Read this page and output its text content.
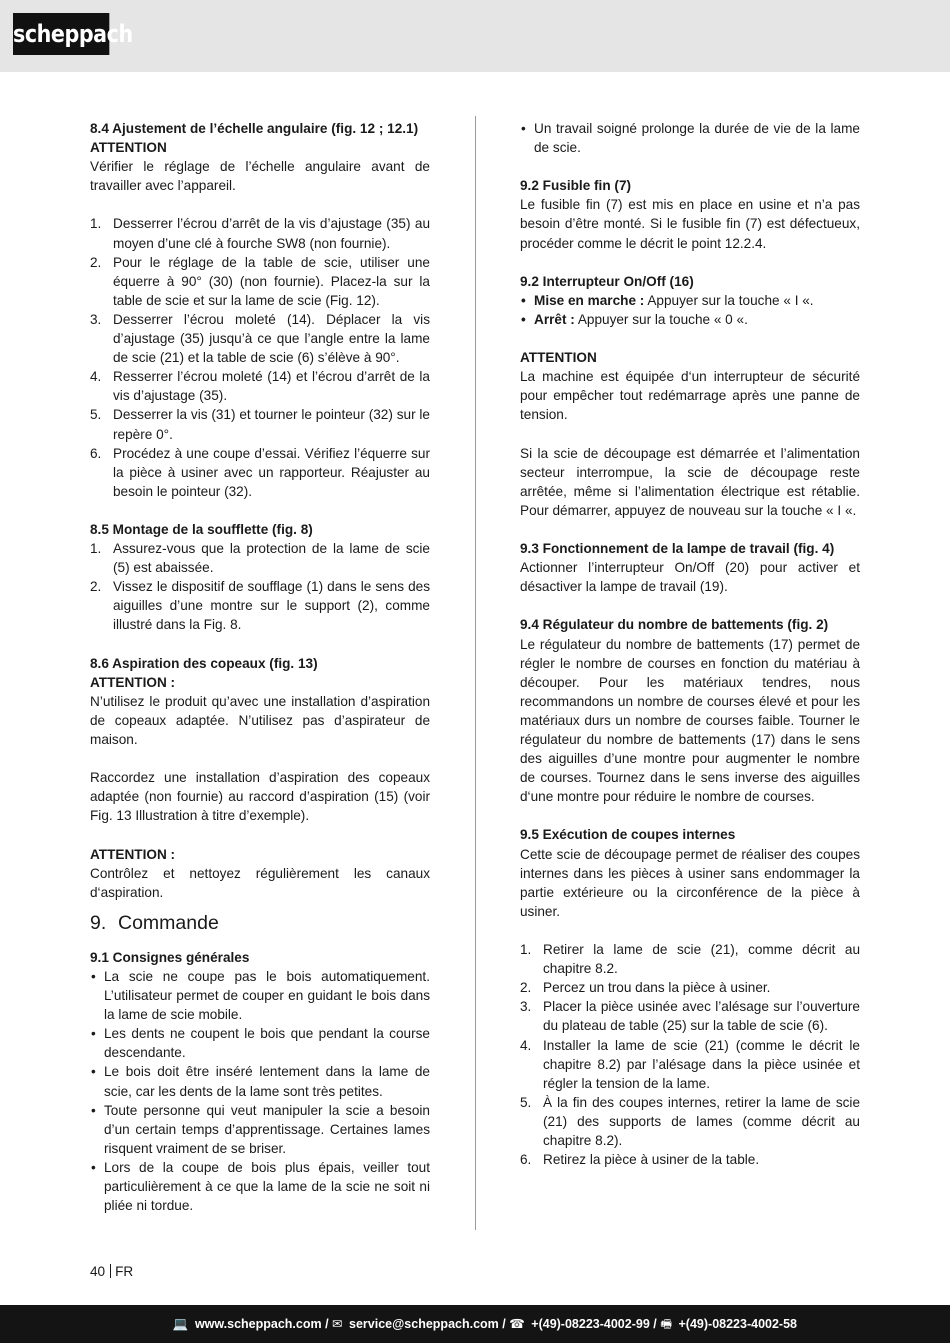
scheppach
8.4 Ajustement de l’échelle angulaire (fig. 12 ; 12.1)
ATTENTION
Vérifier le réglage de l’échelle angulaire avant de travailler avec l’appareil.
1. Desserrer l’écrou d’arrêt de la vis d’ajustage (35) au moyen d’une clé à fourche SW8 (non fournie).
2. Pour le réglage de la table de scie, utiliser une équerre à 90° (30) (non fournie). Placez-la sur la table de scie et sur la lame de scie (Fig. 12).
3. Desserrer l’écrou moleté (14). Déplacer la vis d’ajustage (35) jusqu’à ce que l’angle entre la lame de scie (21) et la table de scie (6) s’élève à 90°.
4. Resserrer l’écrou moleté (14) et l’écrou d’arrêt de la vis d’ajustage (35).
5. Desserrer la vis (31) et tourner le pointeur (32) sur le repère 0°.
6. Procédez à une coupe d’essai. Vérifiez l’équerre sur la pièce à usiner avec un rapporteur. Réajuster au besoin le pointeur (32).
8.5 Montage de la soufflette (fig. 8)
1. Assurez-vous que la protection de la lame de scie (5) est abaissée.
2. Vissez le dispositif de soufflage (1) dans le sens des aiguilles d’une montre sur le support (2), comme illustré dans la Fig. 8.
8.6 Aspiration des copeaux (fig. 13)
ATTENTION :
N’utilisez le produit qu’avec une installation d’aspiration de copeaux adaptée. N’utilisez pas d’aspirateur de maison.
Raccordez une installation d’aspiration des copeaux adaptée (non fournie) au raccord d’aspiration (15) (voir Fig. 13 Illustration à titre d’exemple).
ATTENTION :
Contrôlez et nettoyez régulièrement les canaux d‘aspiration.
9. Commande
9.1 Consignes générales
• La scie ne coupe pas le bois automatiquement. L’utilisateur permet de couper en guidant le bois dans la lame de scie mobile.
• Les dents ne coupent le bois que pendant la course descendante.
• Le bois doit être inséré lentement dans la lame de scie, car les dents de la lame sont très petites.
• Toute personne qui veut manipuler la scie a besoin d’un certain temps d’apprentissage. Certaines lames risquent vraiment de se briser.
• Lors de la coupe de bois plus épais, veiller tout particulièrement à ce que la lame de la scie ne soit ni pliée ni tordue.
• Un travail soigné prolonge la durée de vie de la lame de scie.
9.2 Fusible fin (7)
Le fusible fin (7) est mis en place en usine et n’a pas besoin d’être monté. Si le fusible fin (7) est défectueux, procéder comme le décrit le point 12.2.4.
9.2 Interrupteur On/Off (16)
• Mise en marche : Appuyer sur la touche « I «.
• Arrêt : Appuyer sur la touche « 0 «.
ATTENTION
La machine est équipée d‘un interrupteur de sécurité pour empêcher tout redémarrage après une panne de tension.
Si la scie de découpage est démarrée et l’alimentation secteur interrompue, la scie de découpage reste arrêtée, même si l’alimentation électrique est rétablie. Pour démarrer, appuyez de nouveau sur la touche « I «.
9.3 Fonctionnement de la lampe de travail (fig. 4)
Actionner l’interrupteur On/Off (20) pour activer et désactiver la lampe de travail (19).
9.4 Régulateur du nombre de battements (fig. 2)
Le régulateur du nombre de battements (17) permet de régler le nombre de courses en fonction du matériau à découper. Pour les matériaux tendres, nous recommandons un nombre de courses élevé et pour les matériaux durs un nombre de courses faible. Tourner le régulateur du nombre de battements (17) dans le sens des aiguilles d’une montre pour augmenter le nombre de courses. Tournez dans le sens inverse des aiguilles d‘une montre pour réduire le nombre de courses.
9.5 Exécution de coupes internes
Cette scie de découpage permet de réaliser des coupes internes dans les pièces à usiner sans endommager la partie extérieure ou la circonférence de la pièce à usiner.
1. Retirer la lame de scie (21), comme décrit au chapitre 8.2.
2. Percez un trou dans la pièce à usiner.
3. Placer la pièce usinée avec l’alésage sur l’ouverture du plateau de table (25) sur la table de scie (6).
4. Installer la lame de scie (21) (comme le décrit le chapitre 8.2) par l’alésage dans la pièce usinée et régler la tension de la lame.
5. À la fin des coupes internes, retirer la lame de scie (21) des supports de lames (comme décrit au chapitre 8.2).
6. Retirez la pièce à usiner de la table.
40 FR
💻 www.scheppach.com / ✉ service@scheppach.com / ☎ +(49)-08223-4002-99 / 🖷 +(49)-08223-4002-58
